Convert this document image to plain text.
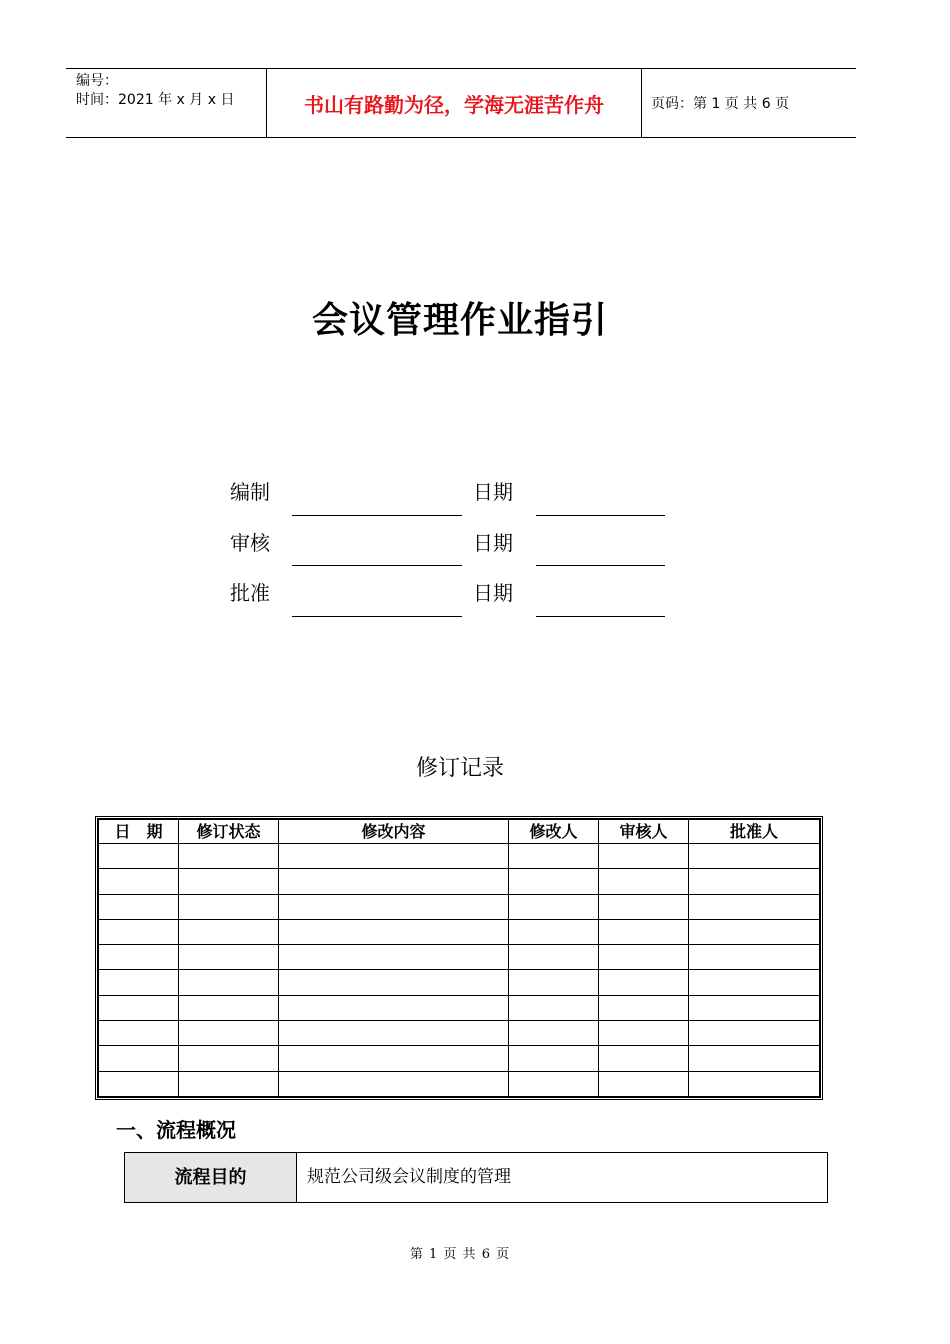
编号：
时间：2021 年 x 月 x 日	书山有路勤为径，学海无涯苦作舟	页码：第 1 页 共 6 页
会议管理作业指引
编制	日期
审核	日期
批准	日期
修订记录
日　期	修订状态	修改内容	修改人	审核人	批准人

一、流程概况
流程目的	规范公司级会议制度的管理
第 1 页 共 6 页
